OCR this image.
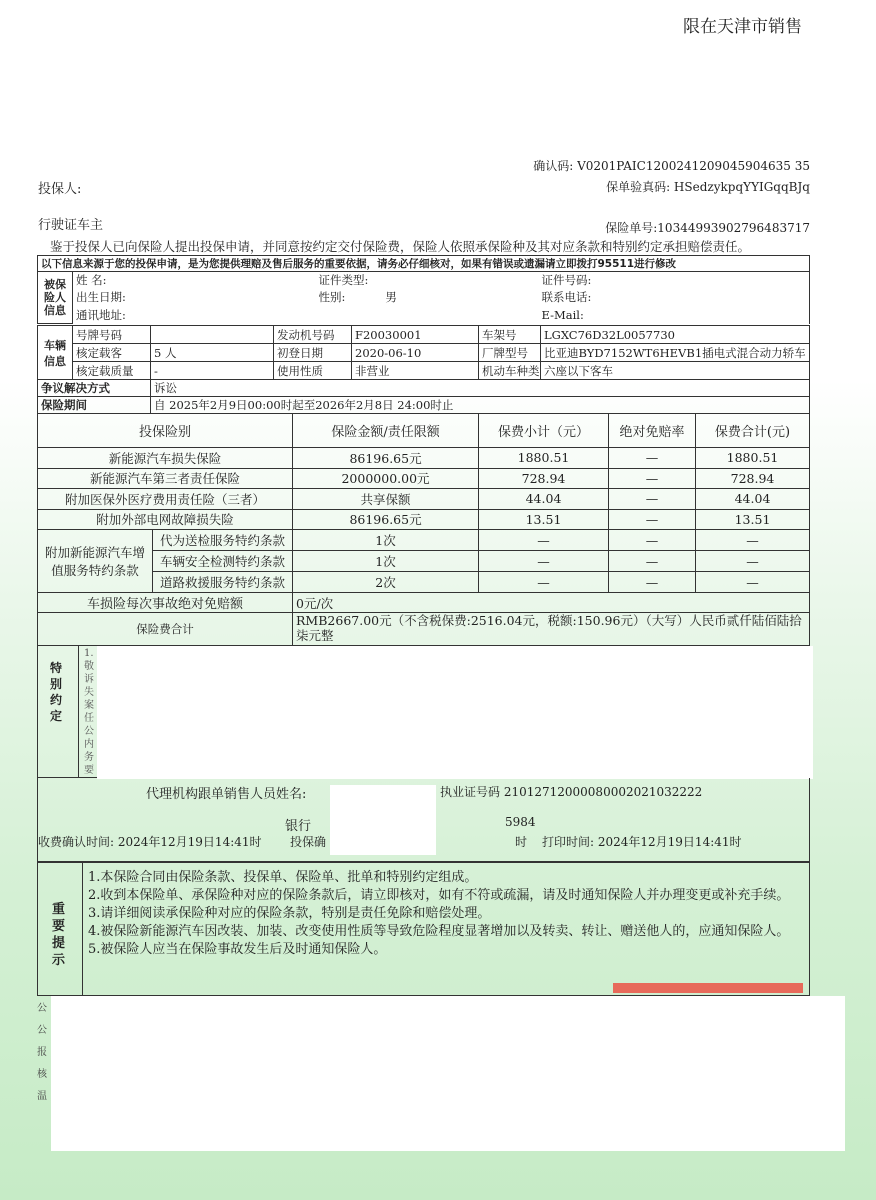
限在天津市销售
确认码: V0201PAIC1200241209045904635 35
投保人:	保单验真码: HSedzykpqYYIGqqBJq
行驶证车主	保险单号:10344993902796483717
鉴于投保人已向保险人提出投保申请，并同意按约定交付保险费，保险人依照承保险种及其对应条款和特别约定承担赔偿责任。
以下信息来源于您的投保申请，是为您提供理赔及售后服务的重要依据，请务必仔细核对，如果有错误或遗漏请立即拨打95511进行修改			
被保险人信息	姓 名:	证件类型:	证件号码:
	出生日期:	性别: 男	联系电话:
	通讯地址:		E-Mail:
车辆信息	号牌号码		发动机号码	F20030001	车架号	LGXC76D32L0057730
	核定载客	5 人	初登日期	2020-06-10	厂牌型号	比亚迪BYD7152WT6HEVB1插电式混合动力轿车
	核定载质量	-	使用性质	非营业	机动车种类	六座以下客车
争议解决方式		诉讼				
保险期间		自 2025年2月9日00:00时起至2026年2月8日 24:00时止				
投保险别		保险金额/责任限额	保费小计（元）	绝对免赔率	保费合计(元)
新能源汽车损失保险		86196.65元	1880.51	—	1880.51
新能源汽车第三者责任保险		2000000.00元	728.94	—	728.94
附加医保外医疗费用责任险（三者）		共享保额	44.04	—	44.04
附加外部电网故障损失险		86196.65元	13.51	—	13.51
附加新能源汽车增值服务特约条款	代为送检服务特约条款	1次	—	—	—
	车辆安全检测特约条款	1次	—	—	—
	道路救援服务特约条款	2次	—	—	—
车损险每次事故绝对免赔额		0元/次			
保险费合计		RMB2667.00元（不含税保费:2516.04元，税额:150.96元）（大写）人民币贰仟陆佰陆拾柒元整			
1.
敬
诉
失
案
任
公
内
务
要
特别约定
代理机构跟单销售人员姓名:	执业证号码 21012712000080002021032222
银行	5984
收费确认时间: 2024年12月19日14:41时 投保确	时 打印时间: 2024年12月19日14:41时
重要提示
1.本保险合同由保险条款、投保单、保险单、批单和特别约定组成。
2.收到本保险单、承保险种对应的保险条款后，请立即核对，如有不符或疏漏，请及时通知保险人并办理变更或补充手续。
3.请详细阅读承保险种对应的保险条款，特别是责任免除和赔偿处理。
4.被保险新能源汽车因改装、加装、改变使用性质等导致危险程度显著增加以及转卖、转让、赠送他人的，应通知保险人。
5.被保险人应当在保险事故发生后及时通知保险人。
公
公
报
核
温
